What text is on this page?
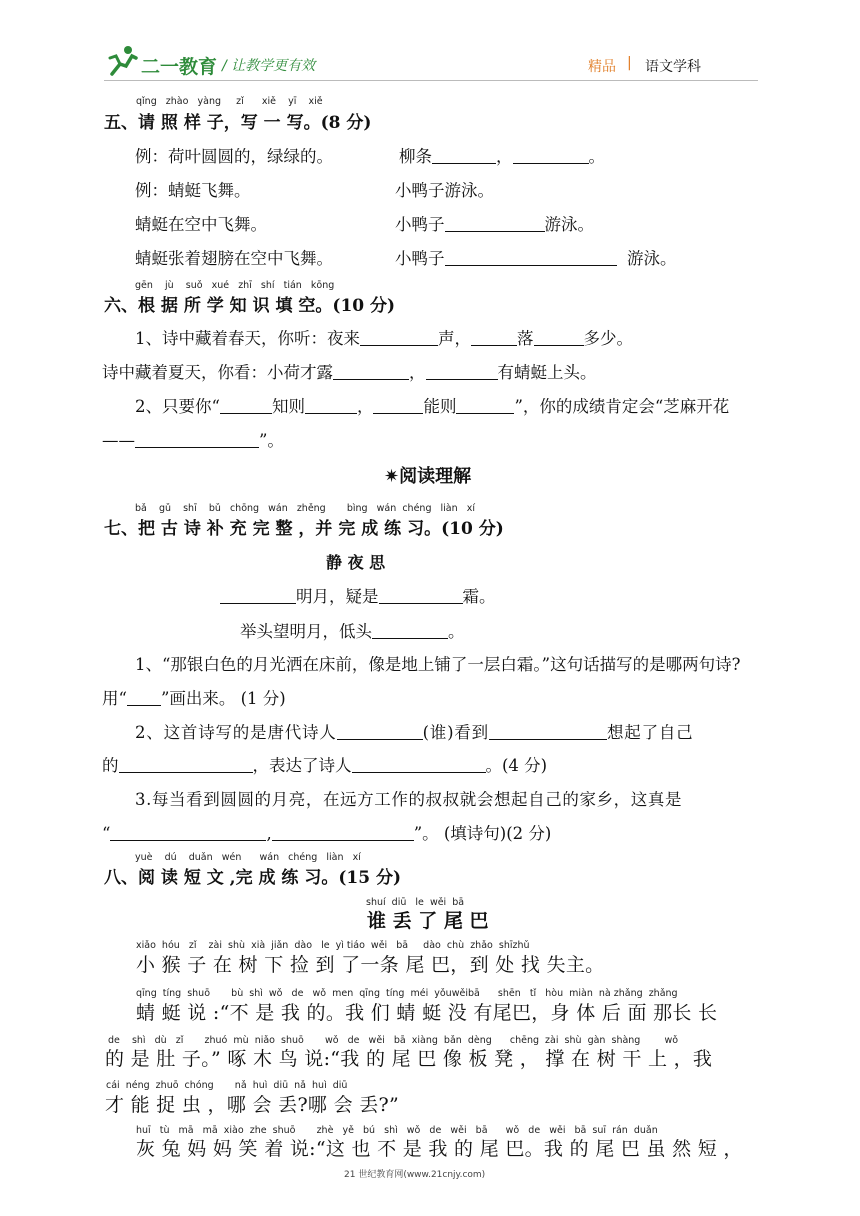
二一教育 / 让教学更有效	精品 | 语文学科
qǐng zhào yàng zǐ xiě yī xiě
五、请 照 样 子，写 一 写。(8 分)
例：荷叶圆圆的，绿绿的。	柳条	，	。
例：蜻蜓飞舞。	小鸭子游泳。
蜻蜓在空中飞舞。	小鸭子	游泳。
蜻蜓张着翅膀在空中飞舞。	小鸭子	游泳。
gēn jù suǒ xué zhī shí tián kōng
六、根 据 所 学 知 识 填 空。(10 分)
1、诗中藏着春天，你听：夜来	声，	落	多少。
诗中藏着夏天，你看：小荷才露	，	有蜻蜓上头。
2、只要你“	知则	，	能则	”，你的成绩肯定会“芝麻开花
——	”。
✷阅读理解
bǎ gǔ shī bǔ chōng wán zhěng bìng wán chéng liàn xí
七、把 古 诗 补 充 完 整 ，并 完 成 练 习。(10 分)
静 夜 思
明月，疑是	霜。
举头望明月，低头	。
1、“那银白色的月光洒在床前，像是地上铺了一层白霜。”这句话描写的是哪两句诗?
用“ ”画出来。 (1 分)
2、这首诗写的是唐代诗人	(谁)看到	想起了自己
的	，表达了诗人	。(4 分)
3.每当看到圆圆的月亮，在远方工作的叔叔就会想起自己的家乡，这真是
“	,	”。 (填诗句)(2 分)
yuè dú duǎn wén wán chéng liàn xí
八、阅 读 短 文 ,完 成 练 习。(15 分)
shuí  diū   le  wěi  bā
谁 丢 了 尾 巴
xiǎo  hóu   zǐ    zài  shù  xià  jiǎn  dào   le  yì tiáo  wěi   bā     dào  chù  zhǎo  shīzhǔ
小 猴 子 在 树 下 捡 到 了一条 尾 巴，到 处 找 失主。
qīng  tíng  shuō       bù  shì  wǒ   de   wǒ  men  qīng  tíng  méi  yǒuwěibā      shēn   tǐ   hòu  miàn  nà zhǎng  zhǎng
蜻 蜓 说 :“不 是 我 的。我 们 蜻 蜓 没 有尾巴，身 体 后 面 那长 长
de    shì   dù   zǐ       zhuó  mù  niǎo  shuō       wǒ   de   wěi   bā  xiàng  bǎn  dèng      chēng  zài  shù  gàn  shàng        wǒ
的 是 肚 子。” 啄 木 鸟 说:“我 的 尾 巴 像 板 凳 ， 撑 在 树 干 上 ，我
cái  néng  zhuō  chóng       nǎ  huì  diū  nǎ  huì  diū
才 能 捉 虫 ，哪 会 丢?哪 会 丢?”
huī   tù   mā   mā  xiào  zhe  shuō       zhè   yě   bú   shì   wǒ   de   wěi   bā      wǒ   de   wěi   bā  suī  rán  duǎn
灰 兔 妈 妈 笑 着 说:“这 也 不 是 我 的 尾 巴。我 的 尾 巴 虽 然 短 ，
21 世纪教育网(www.21cnjy.com)
